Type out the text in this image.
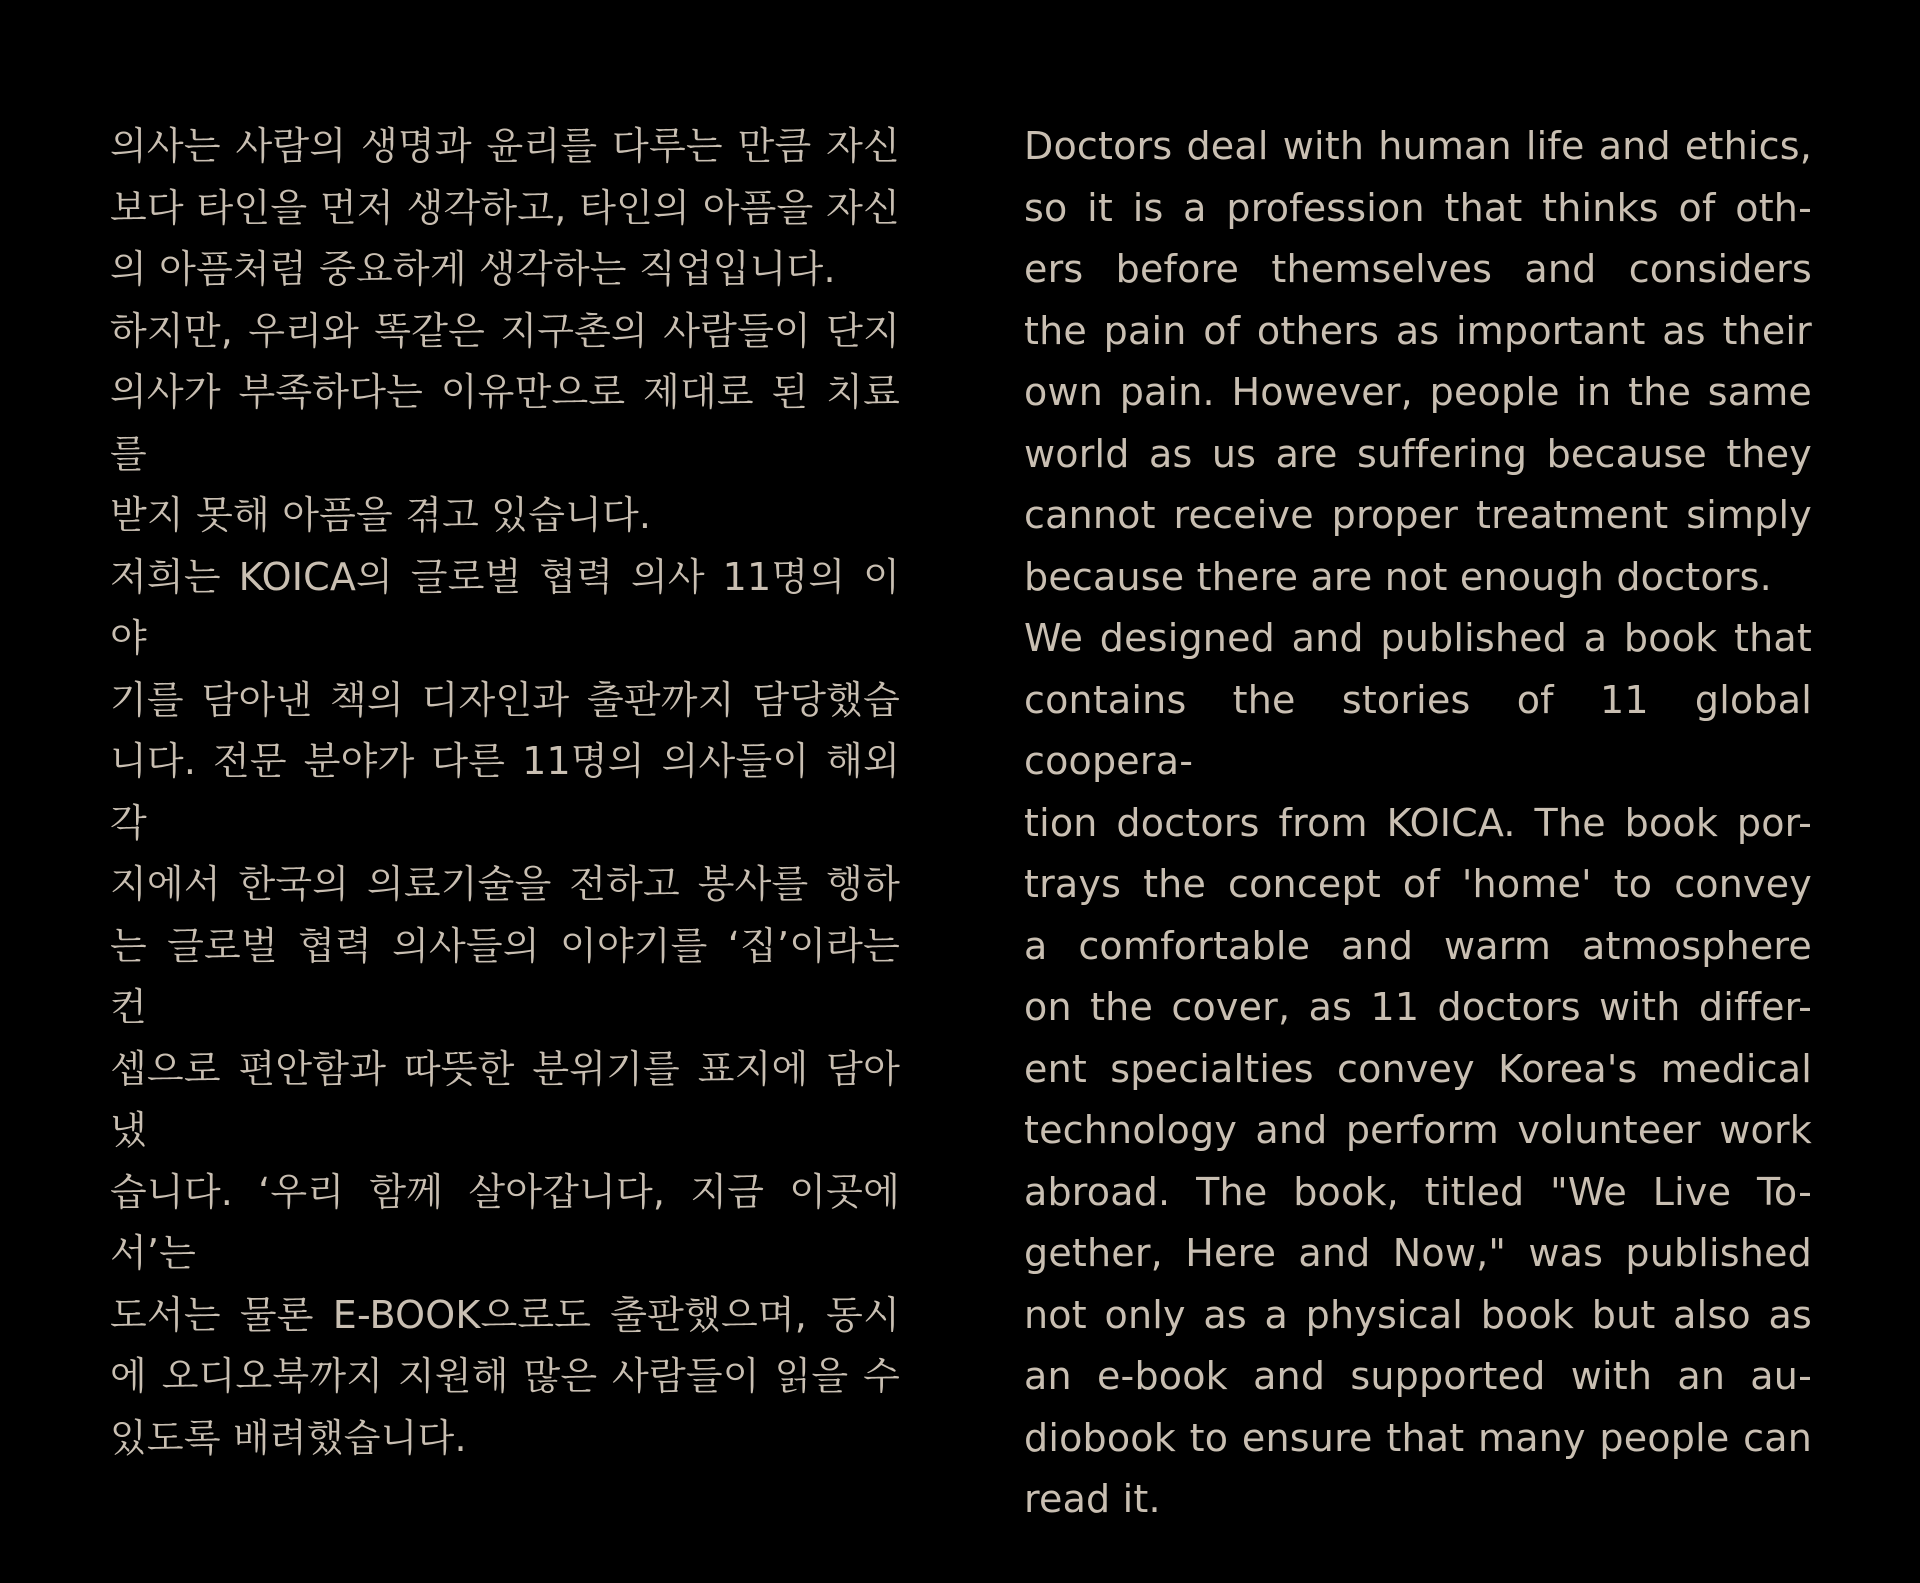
의사는 사람의 생명과 윤리를 다루는 만큼 자신
보다 타인을 먼저 생각하고, 타인의 아픔을 자신
의 아픔처럼 중요하게 생각하는 직업입니다.

하지만, 우리와 똑같은 지구촌의 사람들이 단지
의사가 부족하다는 이유만으로 제대로 된 치료를
받지 못해 아픔을 겪고 있습니다.

저희는 KOICA의 글로벌 협력 의사 11명의 이야
기를 담아낸 책의 디자인과 출판까지 담당했습
니다. 전문 분야가 다른 11명의 의사들이 해외 각
지에서 한국의 의료기술을 전하고 봉사를 행하
는 글로벌 협력 의사들의 이야기를 ‘집’이라는 컨
셉으로 편안함과 따뜻한 분위기를 표지에 담아냈
습니다. ‘우리 함께 살아갑니다, 지금 이곳에서’는
도서는 물론 E-BOOK으로도 출판했으며, 동시
에 오디오북까지 지원해 많은 사람들이 읽을 수
있도록 배려했습니다.

Doctors deal with human life and ethics,
so it is a profession that thinks of oth-
ers before themselves and considers
the pain of others as important as their
own pain. However, people in the same
world as us are suffering because they
cannot receive proper treatment simply
because there are not enough doctors.

We designed and published a book that
contains the stories of 11 global coopera-
tion doctors from KOICA. The book por-
trays the concept of 'home' to convey
a comfortable and warm atmosphere
on the cover, as 11 doctors with differ-
ent specialties convey Korea's medical
technology and perform volunteer work
abroad. The book, titled "We Live To-
gether, Here and Now," was published
not only as a physical book but also as
an e-book and supported with an au-
diobook to ensure that many people can
read it.
